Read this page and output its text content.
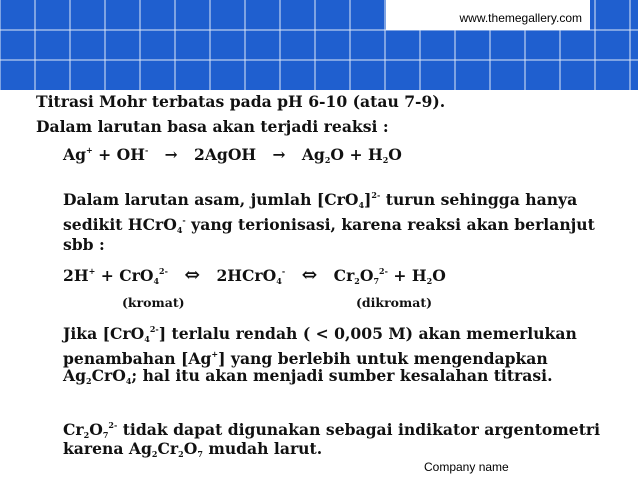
www.themegallery.com
Titrasi Mohr terbatas pada pH 6-10 (atau 7-9).
Dalam larutan basa akan terjadi reaksi :
Ag+ + OH- → 2AgOH → $Ag_2O + H_2O$
Dalam larutan asam, jumlah $[CrO_4]^{2-}$ turun sehingga hanya
sedikit HCrO$_4$- yang terionisasi, karena reaksi akan berlanjut
sbb :
2H+ + CrO$_4^{2-}$ ⇔ 2HCrO$_4$- ⇔ $Cr_2O_7^{2-} + H_2O$
(kromat)	(dikromat)
Jika [CrO$_4^{2-}$] terlalu rendah ( < 0,005 M) akan memerlukan
penambahan [Ag+] yang berlebih untuk mengendapkan
$Ag_2CrO_4$; hal itu akan menjadi sumber kesalahan titrasi.
$Cr_2O_7^{2-}$ tidak dapat digunakan sebagai indikator argentometri
karena $Ag_2Cr_2O_7$ mudah larut.
Company name
